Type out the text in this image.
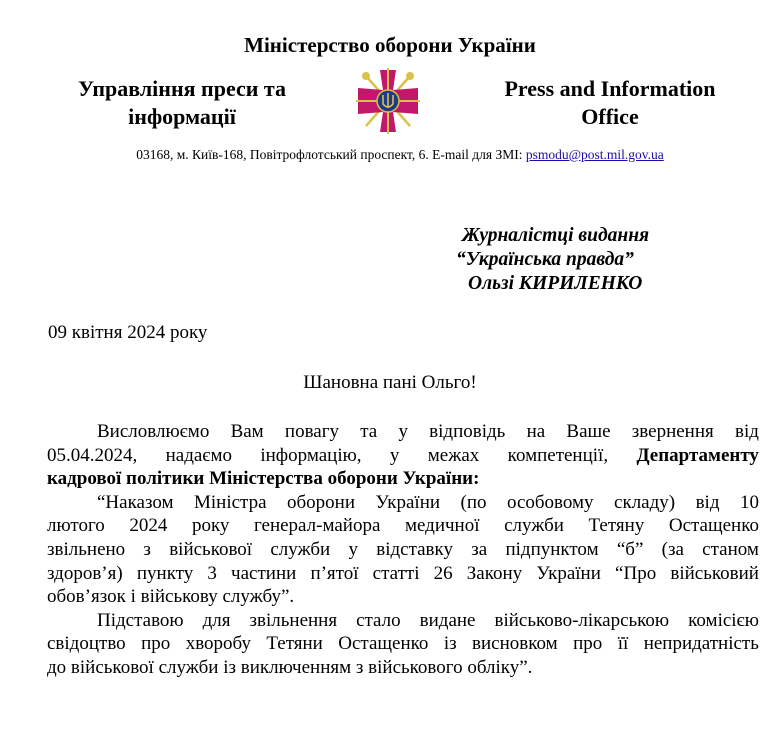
Міністерство оборони України
Управління преси та
інформації
Press and Information
Office
03168, м. Київ-168, Повітрофлотський проспект, 6. E-mail для ЗМІ: psmodu@post.mil.gov.ua
Журналістці видання
“Українська правда”
Ользі КИРИЛЕНКО
09 квітня 2024 року
Шановна пані Ольго!
Висловлюємо Вам повагу та у відповідь на Ваше звернення від
05.04.2024, надаємо інформацію, у межах компетенції, Департаменту
кадрової політики Міністерства оборони України:
“Наказом Міністра оборони України (по особовому складу) від 10
лютого 2024 року генерал-майора медичної служби Тетяну Остащенко
звільнено з військової служби у відставку за підпунктом “б” (за станом
здоров’я) пункту 3 частини п’ятої статті 26 Закону України “Про військовий
обов’язок і військову службу”.
Підставою для звільнення стало видане військово-лікарською комісією
свідоцтво про хворобу Тетяни Остащенко із висновком про її непридатність
до військової служби із виключенням з військового обліку”.
